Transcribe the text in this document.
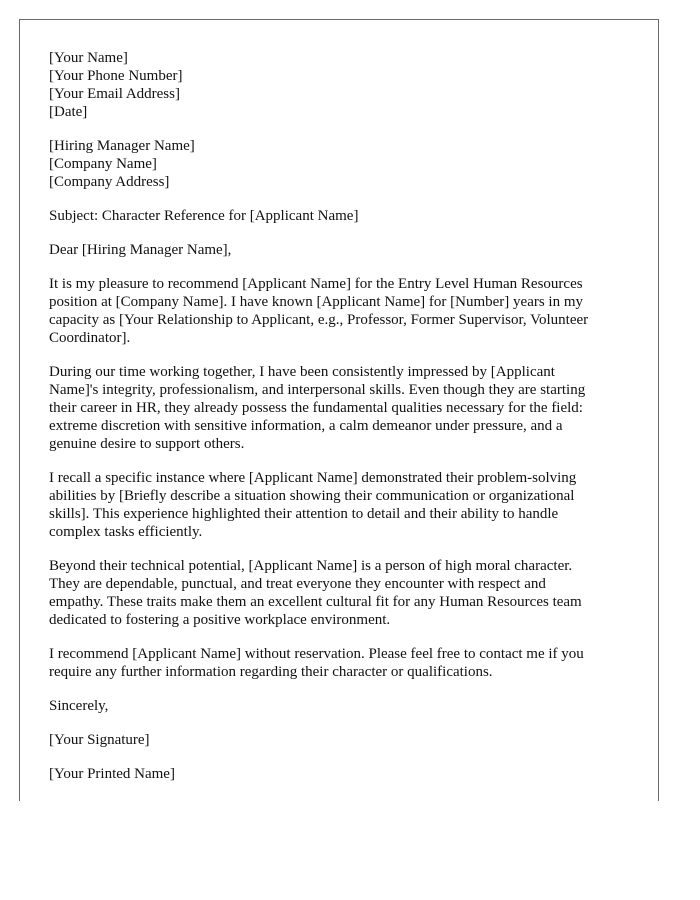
[Your Name]
[Your Phone Number]
[Your Email Address]
[Date]
[Hiring Manager Name]
[Company Name]
[Company Address]

Subject: Character Reference for [Applicant Name]

Dear [Hiring Manager Name],

It is my pleasure to recommend [Applicant Name] for the Entry Level Human Resources
position at [Company Name]. I have known [Applicant Name] for [Number] years in my
capacity as [Your Relationship to Applicant, e.g., Professor, Former Supervisor, Volunteer
Coordinator].

During our time working together, I have been consistently impressed by [Applicant
Name]'s integrity, professionalism, and interpersonal skills. Even though they are starting
their career in HR, they already possess the fundamental qualities necessary for the field:
extreme discretion with sensitive information, a calm demeanor under pressure, and a
genuine desire to support others.

I recall a specific instance where [Applicant Name] demonstrated their problem-solving
abilities by [Briefly describe a situation showing their communication or organizational
skills]. This experience highlighted their attention to detail and their ability to handle
complex tasks efficiently.

Beyond their technical potential, [Applicant Name] is a person of high moral character.
They are dependable, punctual, and treat everyone they encounter with respect and
empathy. These traits make them an excellent cultural fit for any Human Resources team
dedicated to fostering a positive workplace environment.

I recommend [Applicant Name] without reservation. Please feel free to contact me if you
require any further information regarding their character or qualifications.

Sincerely,

[Your Signature]

[Your Printed Name]
